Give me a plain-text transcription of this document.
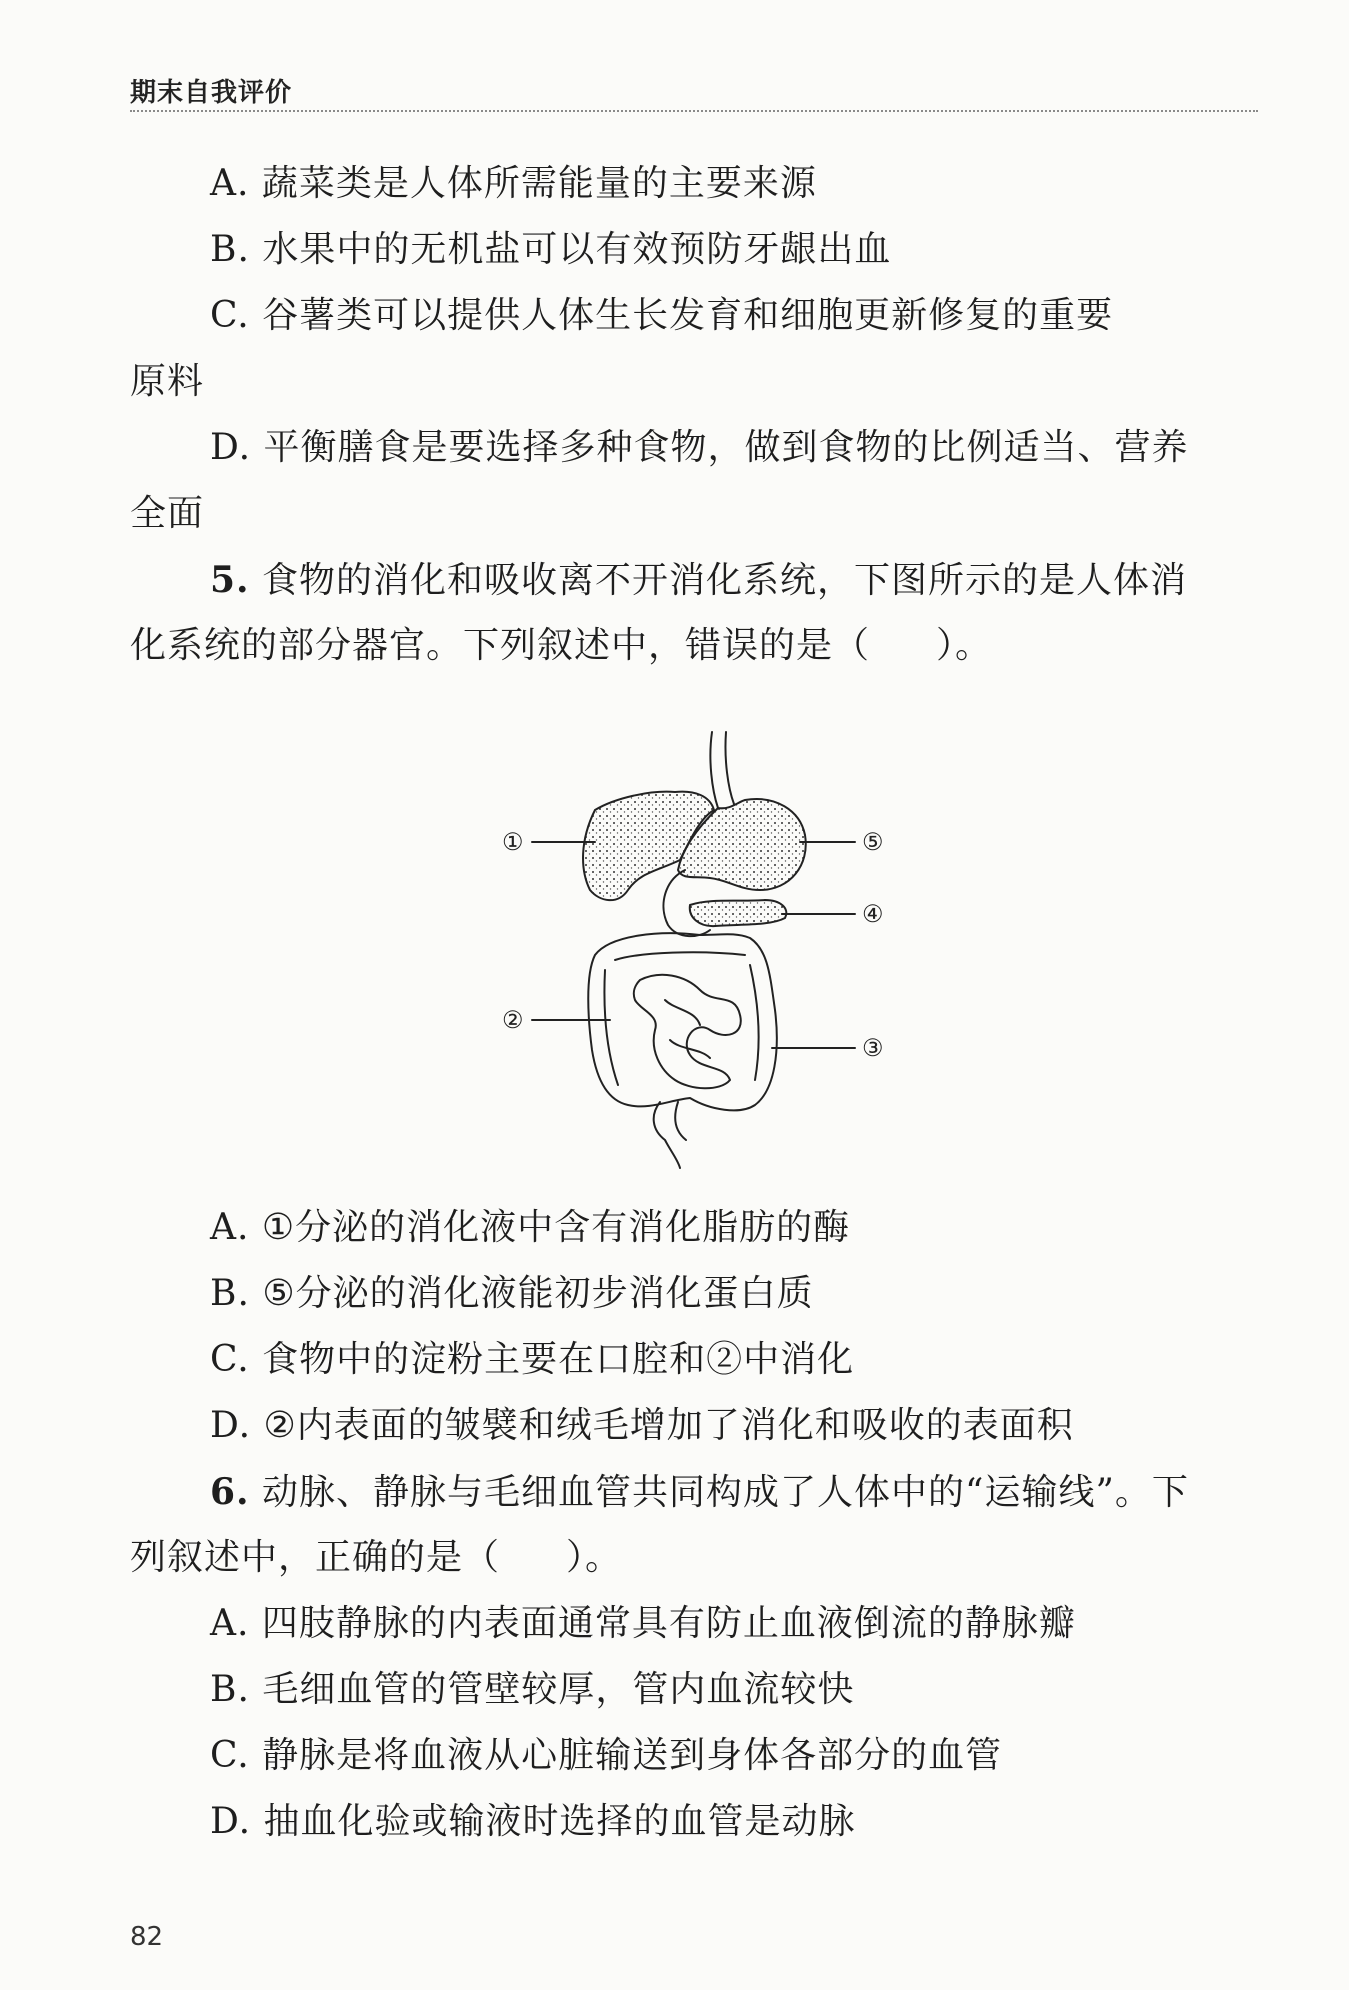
期末自我评价
A. 蔬菜类是人体所需能量的主要来源
B. 水果中的无机盐可以有效预防牙龈出血
C. 谷薯类可以提供人体生长发育和细胞更新修复的重要
原料
D. 平衡膳食是要选择多种食物，做到食物的比例适当、营养
全面
5. 食物的消化和吸收离不开消化系统，下图所示的是人体消
化系统的部分器官。下列叙述中，错误的是（ ）。
①
②
③
④
⑤
A. ①分泌的消化液中含有消化脂肪的酶
B. ⑤分泌的消化液能初步消化蛋白质
C. 食物中的淀粉主要在口腔和②中消化
D. ②内表面的皱襞和绒毛增加了消化和吸收的表面积
6. 动脉、静脉与毛细血管共同构成了人体中的“运输线”。下
列叙述中，正确的是（ ）。
A. 四肢静脉的内表面通常具有防止血液倒流的静脉瓣
B. 毛细血管的管壁较厚，管内血流较快
C. 静脉是将血液从心脏输送到身体各部分的血管
D. 抽血化验或输液时选择的血管是动脉
82
